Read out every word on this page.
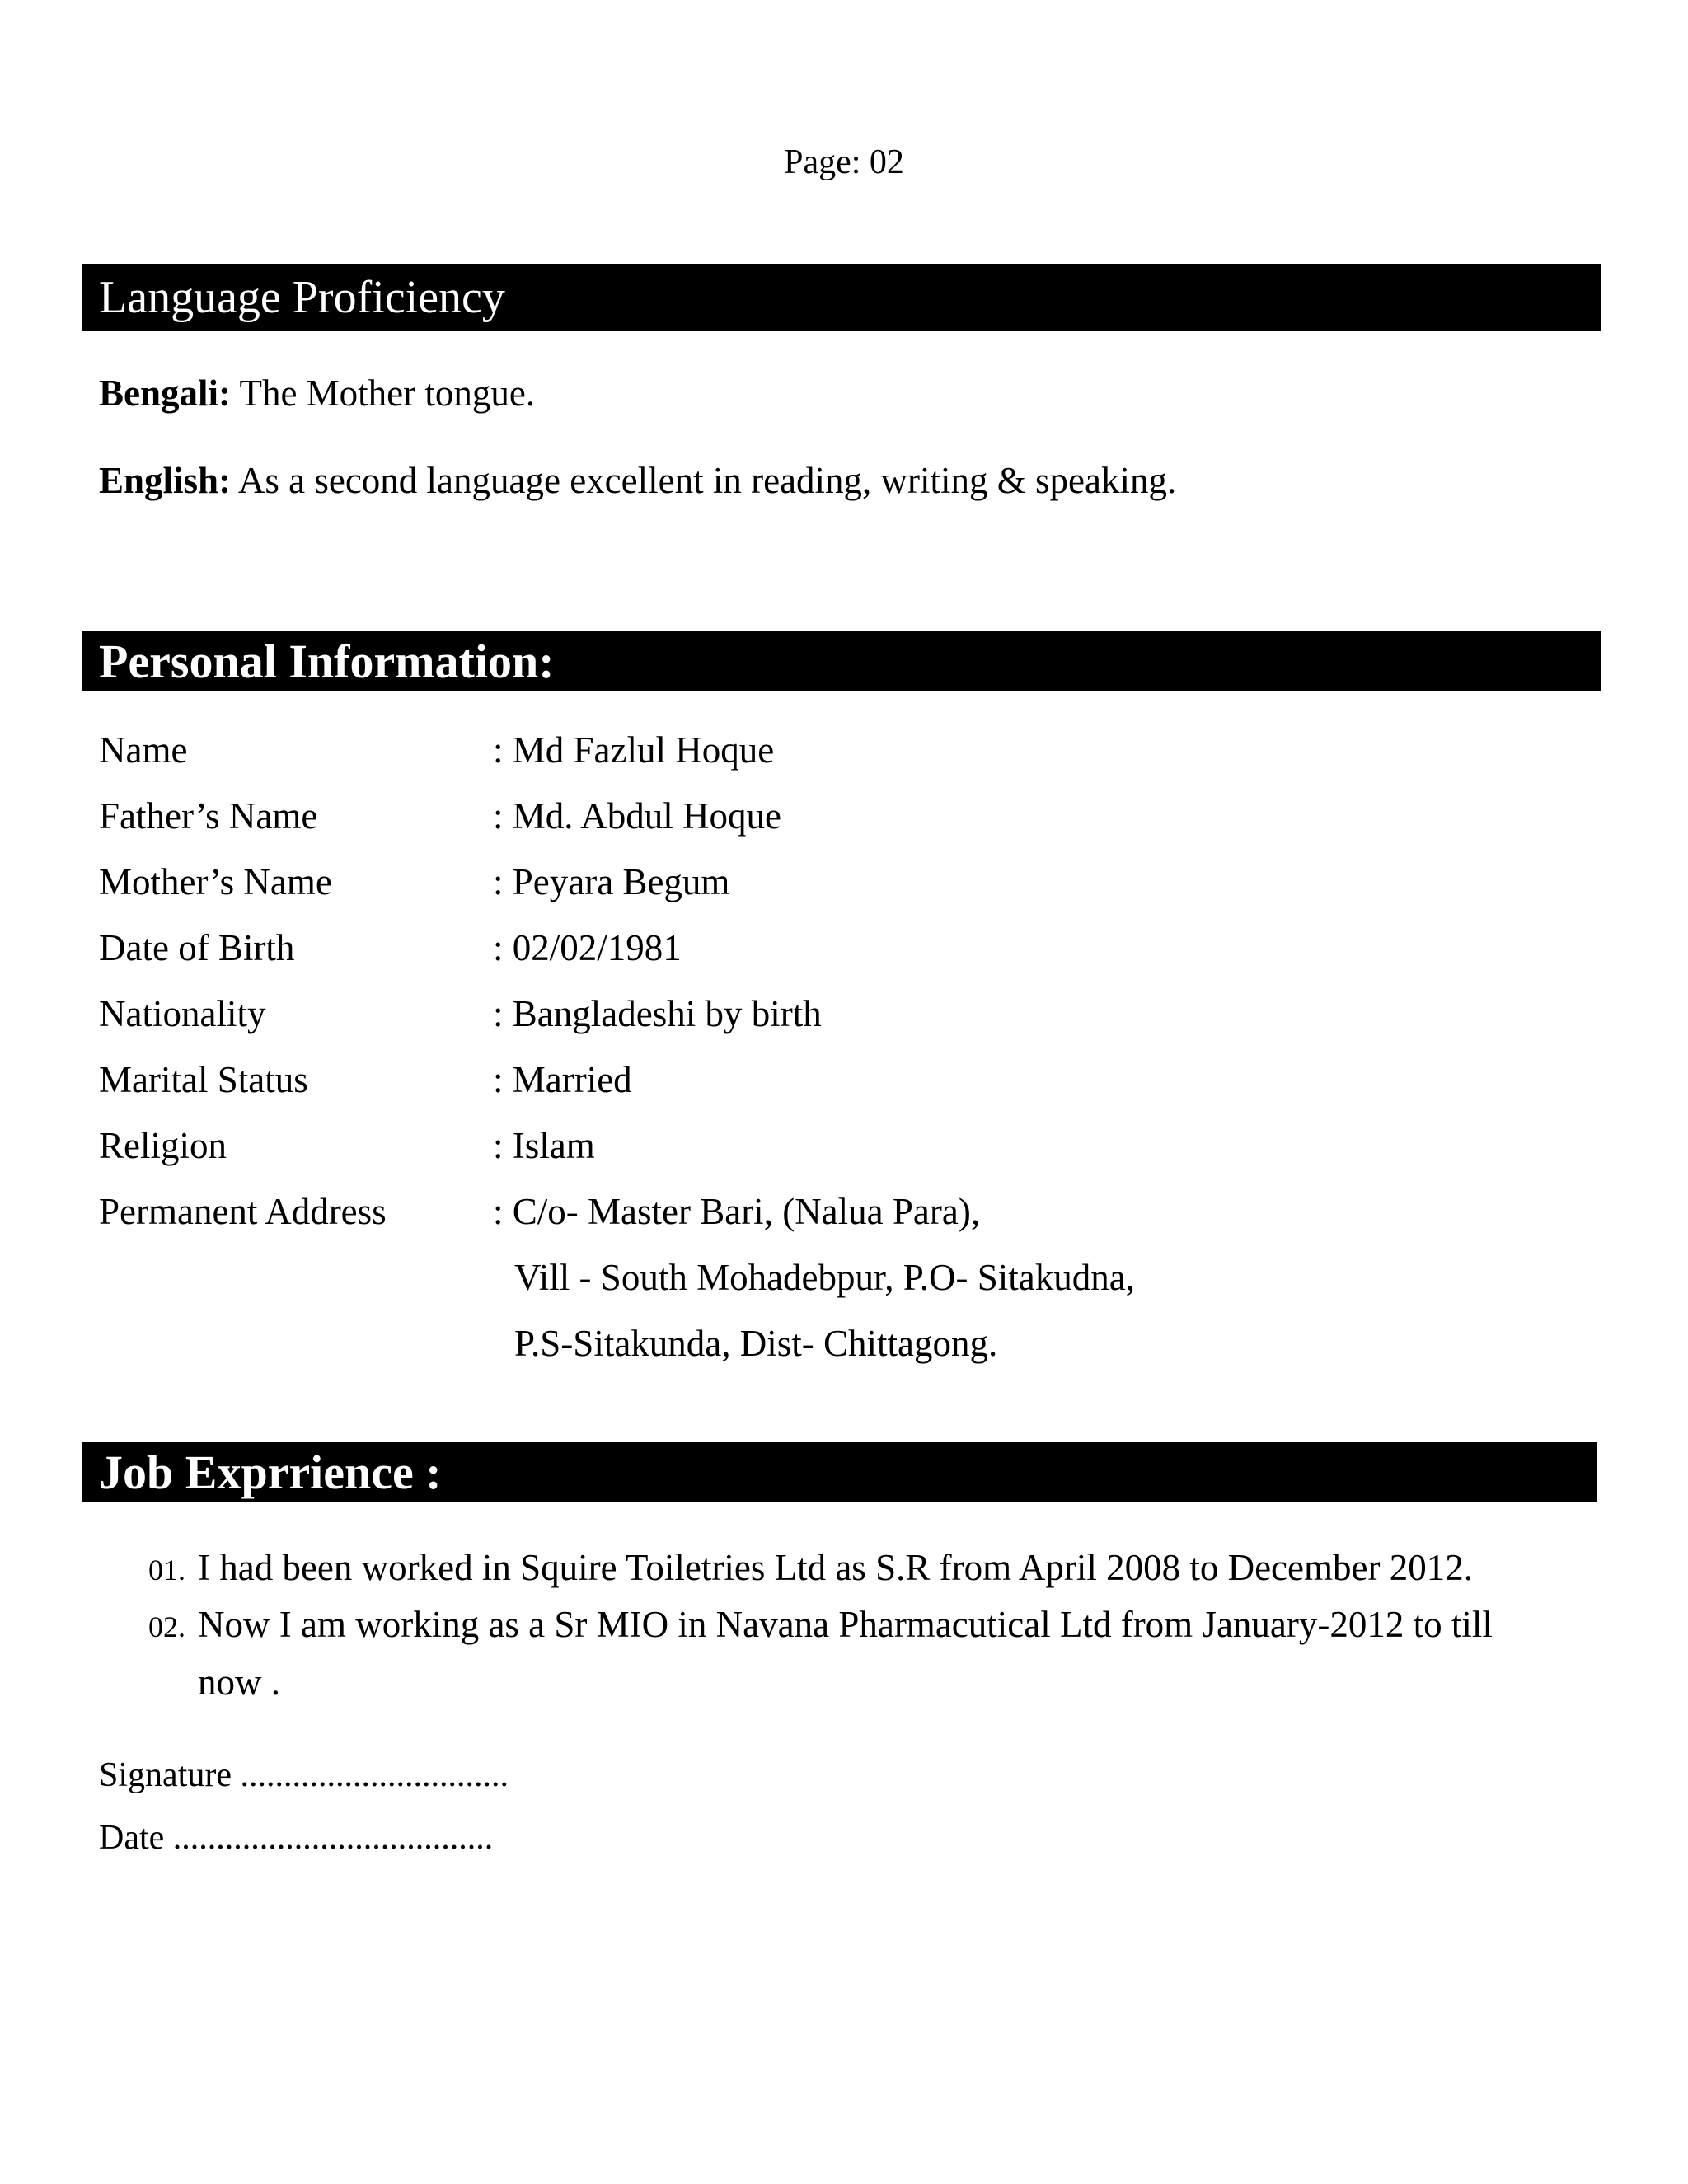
Page: 02
Language Proficiency
Bengali: The Mother tongue.
English: As a second language excellent in reading, writing & speaking.
Personal Information:
Name	: Md Fazlul Hoque
Father’s Name	: Md. Abdul Hoque
Mother’s Name	: Peyara Begum
Date of Birth	: 02/02/1981
Nationality	: Bangladeshi by birth
Marital Status	: Married
Religion	: Islam
Permanent Address	: C/o- Master Bari, (Nalua Para),
Vill - South Mohadebpur, P.O- Sitakudna,
P.S-Sitakunda, Dist- Chittagong.
Job Exprrience :
01. I had been worked in Squire Toiletries Ltd as S.R from April 2008 to December 2012.
02. Now I am working as a Sr MIO in Navana Pharmacutical Ltd from January-2012 to till
now .
Signature ...............................
Date .....................................
